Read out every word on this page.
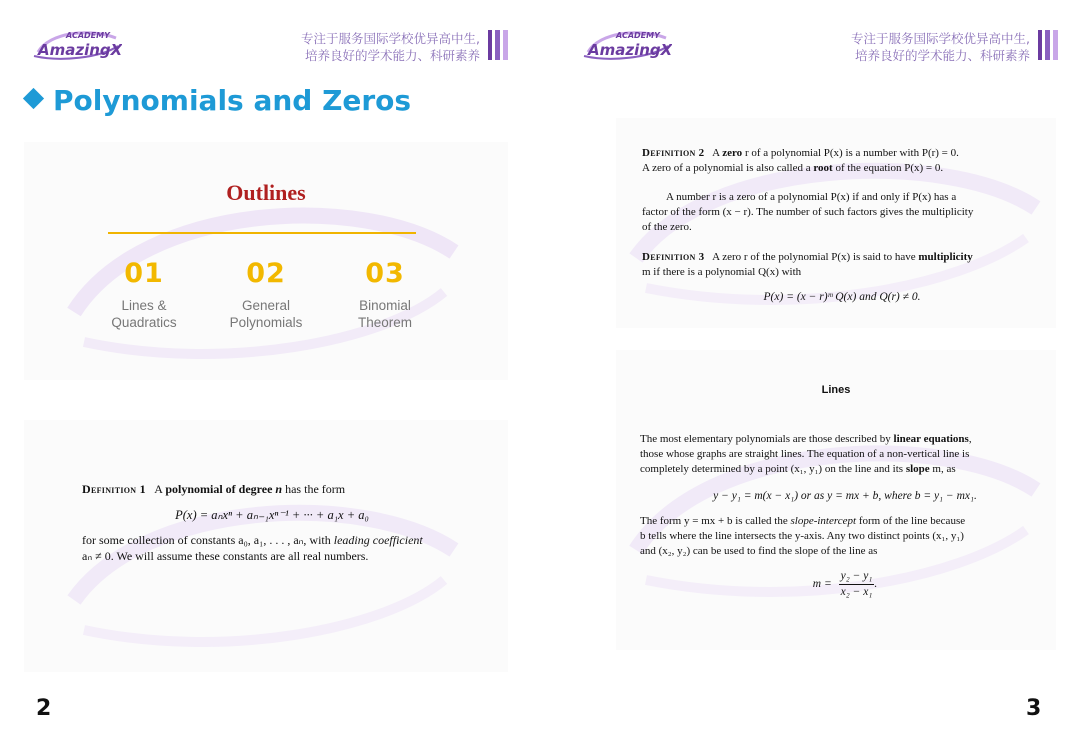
ACADEMY
AmazingX
专注于服务国际学校优异高中生,
培养良好的学术能力、科研素养
Polynomials and Zeros
Outlines
01
Lines &
Quadratics
02
General
Polynomials
03
Binomial
Theorem
Definition 1 A polynomial of degree n has the form
P(x) = aₙxⁿ + aₙ₋₁xⁿ⁻¹ + ··· + a₁x + a₀
for some collection of constants a₀, a₁, . . . , aₙ, with leading coefficient
aₙ ≠ 0. We will assume these constants are all real numbers.
2
ACADEMY
AmazingX
专注于服务国际学校优异高中生,
培养良好的学术能力、科研素养
Definition 2 A zero r of a polynomial P(x) is a number with P(r) = 0.
A zero of a polynomial is also called a root of the equation P(x) = 0.
A number r is a zero of a polynomial P(x) if and only if P(x) has a
factor of the form (x − r). The number of such factors gives the multiplicity
of the zero.
Definition 3 A zero r of the polynomial P(x) is said to have multiplicity
m if there is a polynomial Q(x) with
P(x) = (x − r)ᵐ Q(x) and Q(r) ≠ 0.
Lines
The most elementary polynomials are those described by linear equations,
those whose graphs are straight lines. The equation of a non-vertical line is
completely determined by a point (x₁, y₁) on the line and its slope m, as
y − y₁ = m(x − x₁) or as y = mx + b, where b = y₁ − mx₁.
The form y = mx + b is called the slope-intercept form of the line because
b tells where the line intersects the y-axis. Any two distinct points (x₁, y₁)
and (x₂, y₂) can be used to find the slope of the line as
$m = \frac{\text{y₂ − y₁}}{\text{x₂ − x₁}}$ .
3
